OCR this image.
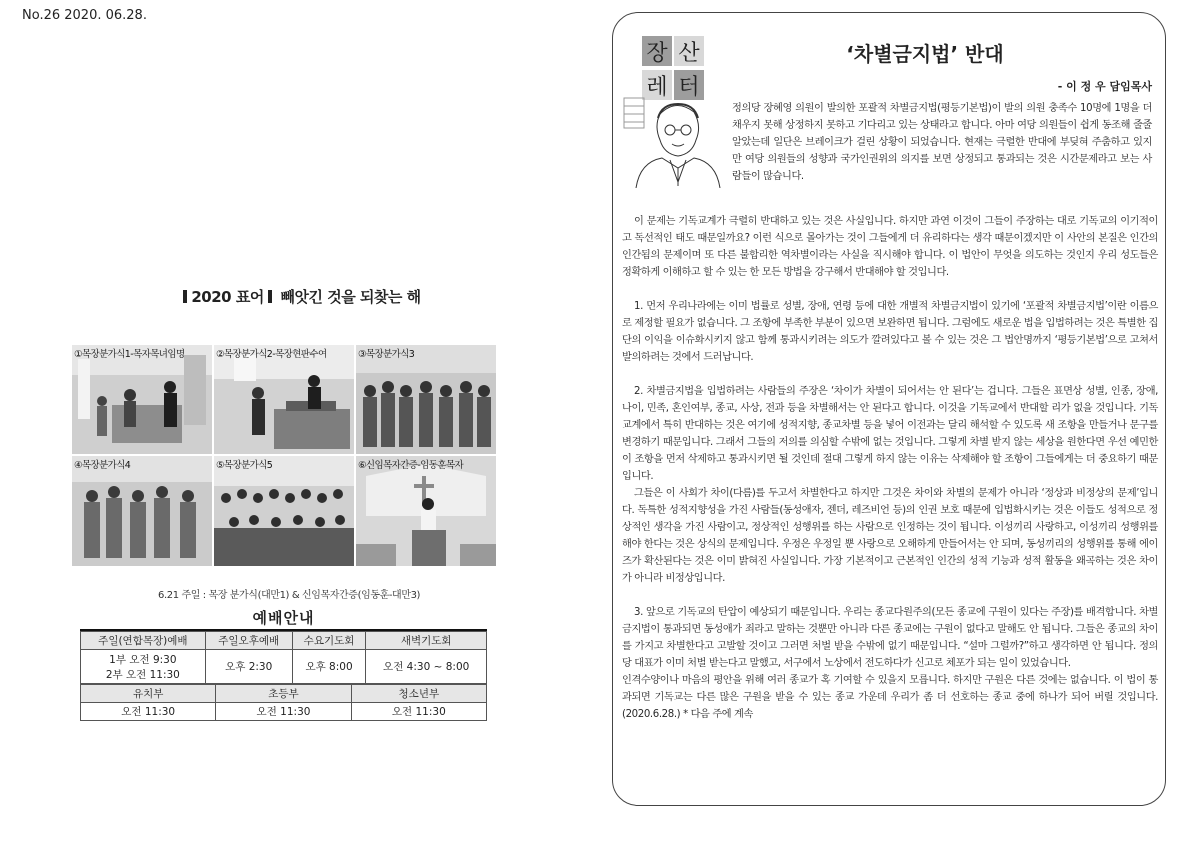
No.26 2020. 06.28.
2020 표어 빼앗긴 것을 되찾는 해
①목장분가식1-목자목녀임명	②목장분가식2-목장현판수여	③목장분가식3
④목장분가식4	⑤목장분가식5	⑥신임목자간증-임동훈목자
6.21 주일 : 목장 분가식(대만1) & 신임목자간증(임동훈-대만3)
예배안내
주일(연합목장)예배	주일오후예배	수요기도회	새벽기도회

1부 오전 9:30
2부 오전 11:30	오후 2:30	오후 8:00	오전 4:30 ~ 8:00
유치부	초등부	청소년부
오전 11:30	오전 11:30	오전 11:30
장 산
레 터
‘차별금지법’ 반대
- 이 정 우 담임목사
정의당 장혜영 의원이 발의한 포괄적 차별금지법(평등기본법)이 발의 의원 충족수 10명에 1명을 더 채우지 못해 상정하지 못하고 기다리고 있는 상태라고 합니다. 아마 여당 의원들이 쉽게 동조해 줄줄 알았는데 일단은 브레이크가 걸린 상황이 되었습니다. 현재는 극렬한 반대에 부딪혀 주춤하고 있지만 여당 의원들의 성향과 국가인권위의 의지를 보면 상정되고 통과되는 것은 시간문제라고 보는 사람들이 많습니다.

이 문제는 기독교계가 극렬히 반대하고 있는 것은 사실입니다. 하지만 과연 이것이 그들이 주장하는 대로 기독교의 이기적이고 독선적인 태도 때문일까요? 이런 식으로 몰아가는 것이 그들에게 더 유리하다는 생각 때문이겠지만 이 사안의 본질은 인간의 인간됨의 문제이며 또 다른 불합리한 역차별이라는 사실을 직시해야 합니다. 이 법안이 무엇을 의도하는 것인지 우리 성도들은 정확하게 이해하고 할 수 있는 한 모든 방법을 강구해서 반대해야 할 것입니다.

1. 먼저 우리나라에는 이미 법률로 성별, 장애, 연령 등에 대한 개별적 차별금지법이 있기에 ‘포괄적 차별금지법’이란 이름으로 제정할 필요가 없습니다. 그 조항에 부족한 부분이 있으면 보완하면 됩니다. 그럼에도 새로운 법을 입법하려는 것은 특별한 집단의 이익을 이슈화시키지 않고 함께 통과시키려는 의도가 깔려있다고 볼 수 있는 것은 그 법안명까지 ‘평등기본법’으로 고쳐서 발의하려는 것에서 드러납니다.

2. 차별금지법을 입법하려는 사람들의 주장은 ‘차이가 차별이 되어서는 안 된다’는 겁니다. 그들은 표면상 성별, 인종, 장애, 나이, 민족, 혼인여부, 종교, 사상, 전과 등을 차별해서는 안 된다고 합니다. 이것을 기독교에서 반대할 리가 없을 것입니다. 기독교계에서 특히 반대하는 것은 여기에 성적지향, 종교차별 등을 넣어 이전과는 달리 해석할 수 있도록 새 조항을 만들거나 문구를 변경하기 때문입니다. 그래서 그들의 저의를 의심할 수밖에 없는 것입니다. 그렇게 차별 받지 않는 세상을 원한다면 우선 예민한 이 조항을 먼저 삭제하고 통과시키면 될 것인데 절대 그렇게 하지 않는 이유는 삭제해야 할 조항이 그들에게는 더 중요하기 때문입니다.

그들은 이 사회가 차이(다름)를 두고서 차별한다고 하지만 그것은 차이와 차별의 문제가 아니라 ‘정상과 비정상의 문제’입니다. 독특한 성적지향성을 가진 사람들(동성애자, 젠더, 레즈비언 등)의 인권 보호 때문에 입법화시키는 것은 이들도 성적으로 정상적인 생각을 가진 사람이고, 정상적인 성행위를 하는 사람으로 인정하는 것이 됩니다. 이성끼리 사랑하고, 이성끼리 성행위를 해야 한다는 것은 상식의 문제입니다. 우정은 우정일 뿐 사랑으로 오해하게 만들어서는 안 되며, 동성끼리의 성행위를 통해 에이즈가 확산된다는 것은 이미 밝혀진 사실입니다. 가장 기본적이고 근본적인 인간의 성적 기능과 성적 활동을 왜곡하는 것은 차이가 아니라 비정상입니다.

3. 앞으로 기독교의 탄압이 예상되기 때문입니다. 우리는 종교다원주의(모든 종교에 구원이 있다는 주장)를 배격합니다. 차별금지법이 통과되면 동성애가 죄라고 말하는 것뿐만 아니라 다른 종교에는 구원이 없다고 말해도 안 됩니다. 그들은 종교의 차이를 가지고 차별한다고 고발할 것이고 그러면 처벌 받을 수밖에 없기 때문입니다. “설마 그럴까?”하고 생각하면 안 됩니다. 정의당 대표가 이미 처벌 받는다고 말했고, 서구에서 노상에서 전도하다가 신고로 체포가 되는 일이 있었습니다.

인격수양이나 마음의 평안을 위해 여러 종교가 혹 기여할 수 있을지 모릅니다. 하지만 구원은 다른 것에는 없습니다. 이 법이 통과되면 기독교는 다른 많은 구원을 받을 수 있는 종교 가운데 우리가 좀 더 선호하는 종교 중에 하나가 되어 버릴 것입니다.(2020.6.28.) * 다음 주에 계속
